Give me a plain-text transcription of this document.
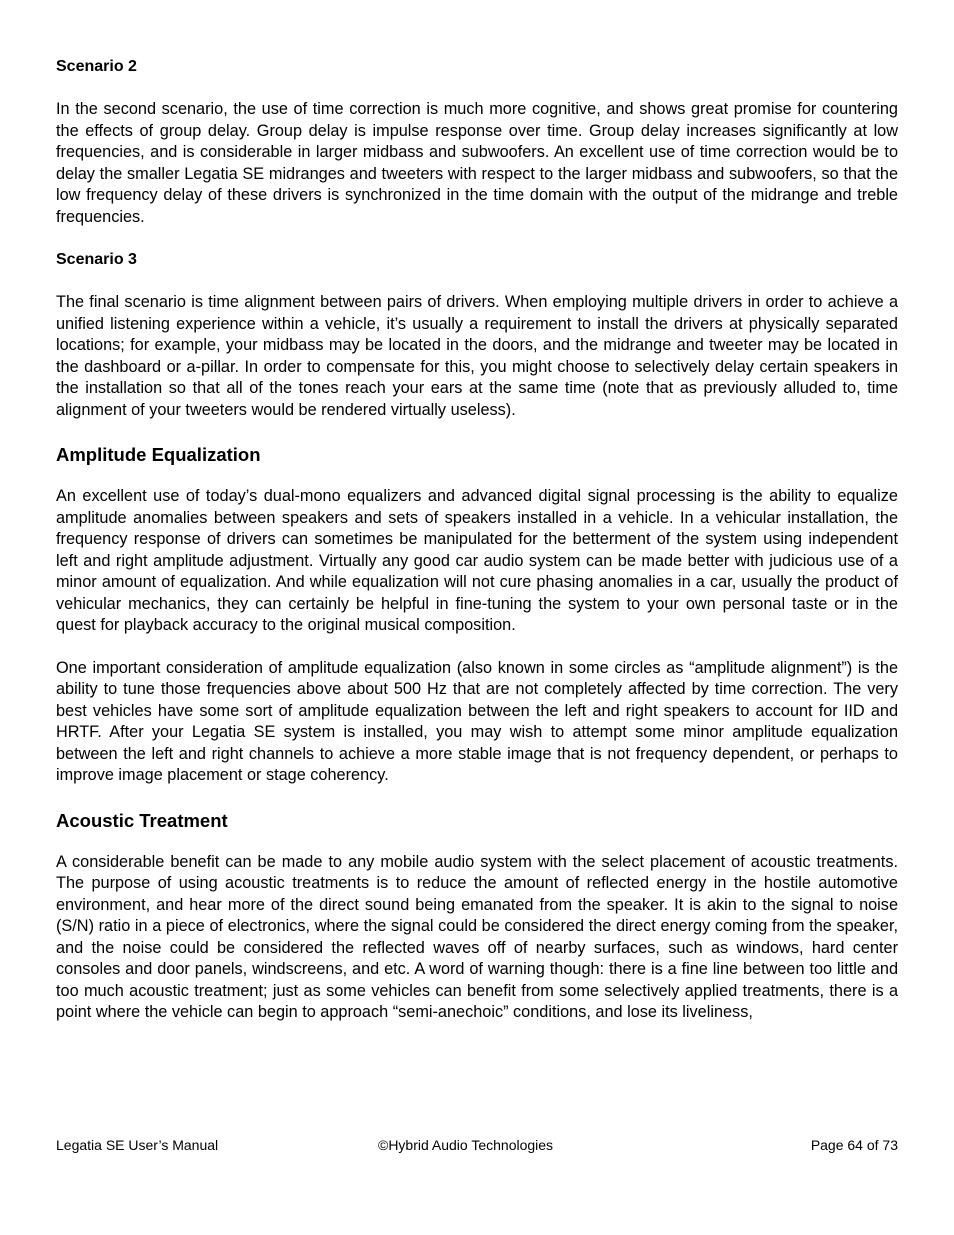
Scenario 2

In the second scenario, the use of time correction is much more cognitive, and shows great promise for countering the effects of group delay. Group delay is impulse response over time. Group delay increases significantly at low frequencies, and is considerable in larger midbass and subwoofers. An excellent use of time correction would be to delay the smaller Legatia SE midranges and tweeters with respect to the larger midbass and subwoofers, so that the low frequency delay of these drivers is synchronized in the time domain with the output of the midrange and treble frequencies.

Scenario 3

The final scenario is time alignment between pairs of drivers. When employing multiple drivers in order to achieve a unified listening experience within a vehicle, it’s usually a requirement to install the drivers at physically separated locations; for example, your midbass may be located in the doors, and the midrange and tweeter may be located in the dashboard or a-pillar. In order to compensate for this, you might choose to selectively delay certain speakers in the installation so that all of the tones reach your ears at the same time (note that as previously alluded to, time alignment of your tweeters would be rendered virtually useless).

Amplitude Equalization

An excellent use of today’s dual-mono equalizers and advanced digital signal processing is the ability to equalize amplitude anomalies between speakers and sets of speakers installed in a vehicle. In a vehicular installation, the frequency response of drivers can sometimes be manipulated for the betterment of the system using independent left and right amplitude adjustment. Virtually any good car audio system can be made better with judicious use of a minor amount of equalization. And while equalization will not cure phasing anomalies in a car, usually the product of vehicular mechanics, they can certainly be helpful in fine-tuning the system to your own personal taste or in the quest for playback accuracy to the original musical composition.

One important consideration of amplitude equalization (also known in some circles as “amplitude alignment”) is the ability to tune those frequencies above about 500 Hz that are not completely affected by time correction. The very best vehicles have some sort of amplitude equalization between the left and right speakers to account for IID and HRTF. After your Legatia SE system is installed, you may wish to attempt some minor amplitude equalization between the left and right channels to achieve a more stable image that is not frequency dependent, or perhaps to improve image placement or stage coherency.

Acoustic Treatment

A considerable benefit can be made to any mobile audio system with the select placement of acoustic treatments. The purpose of using acoustic treatments is to reduce the amount of reflected energy in the hostile automotive environment, and hear more of the direct sound being emanated from the speaker. It is akin to the signal to noise (S/N) ratio in a piece of electronics, where the signal could be considered the direct energy coming from the speaker, and the noise could be considered the reflected waves off of nearby surfaces, such as windows, hard center consoles and door panels, windscreens, and etc. A word of warning though: there is a fine line between too little and too much acoustic treatment; just as some vehicles can benefit from some selectively applied treatments, there is a point where the vehicle can begin to approach “semi-anechoic” conditions, and lose its liveliness,

Legatia SE User’s Manual	©Hybrid Audio Technologies	Page 64 of 73
